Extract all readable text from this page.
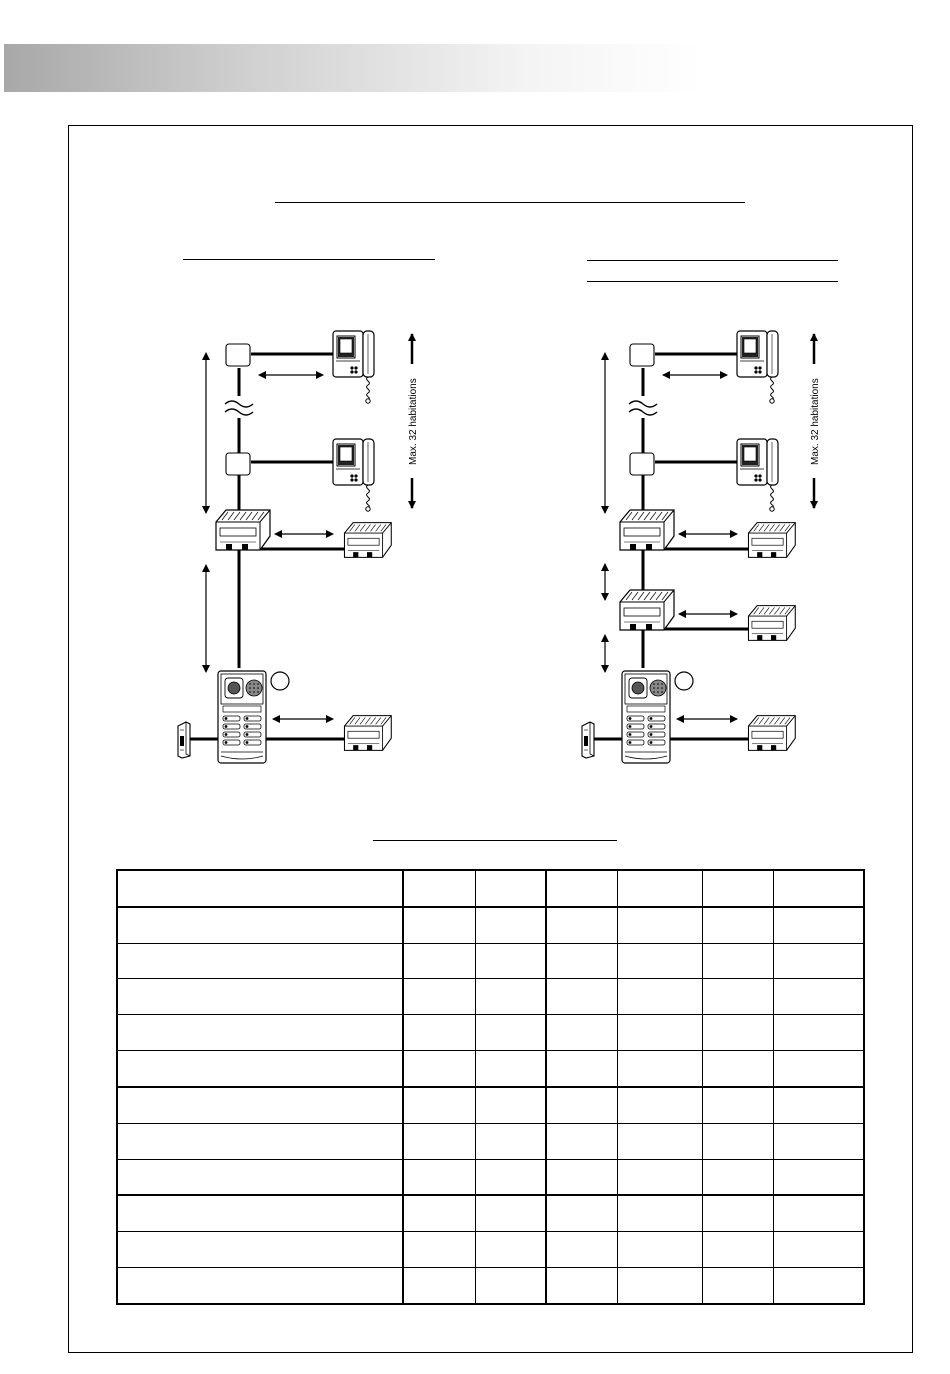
Max. 32 habitations	Max. 32 habitations
